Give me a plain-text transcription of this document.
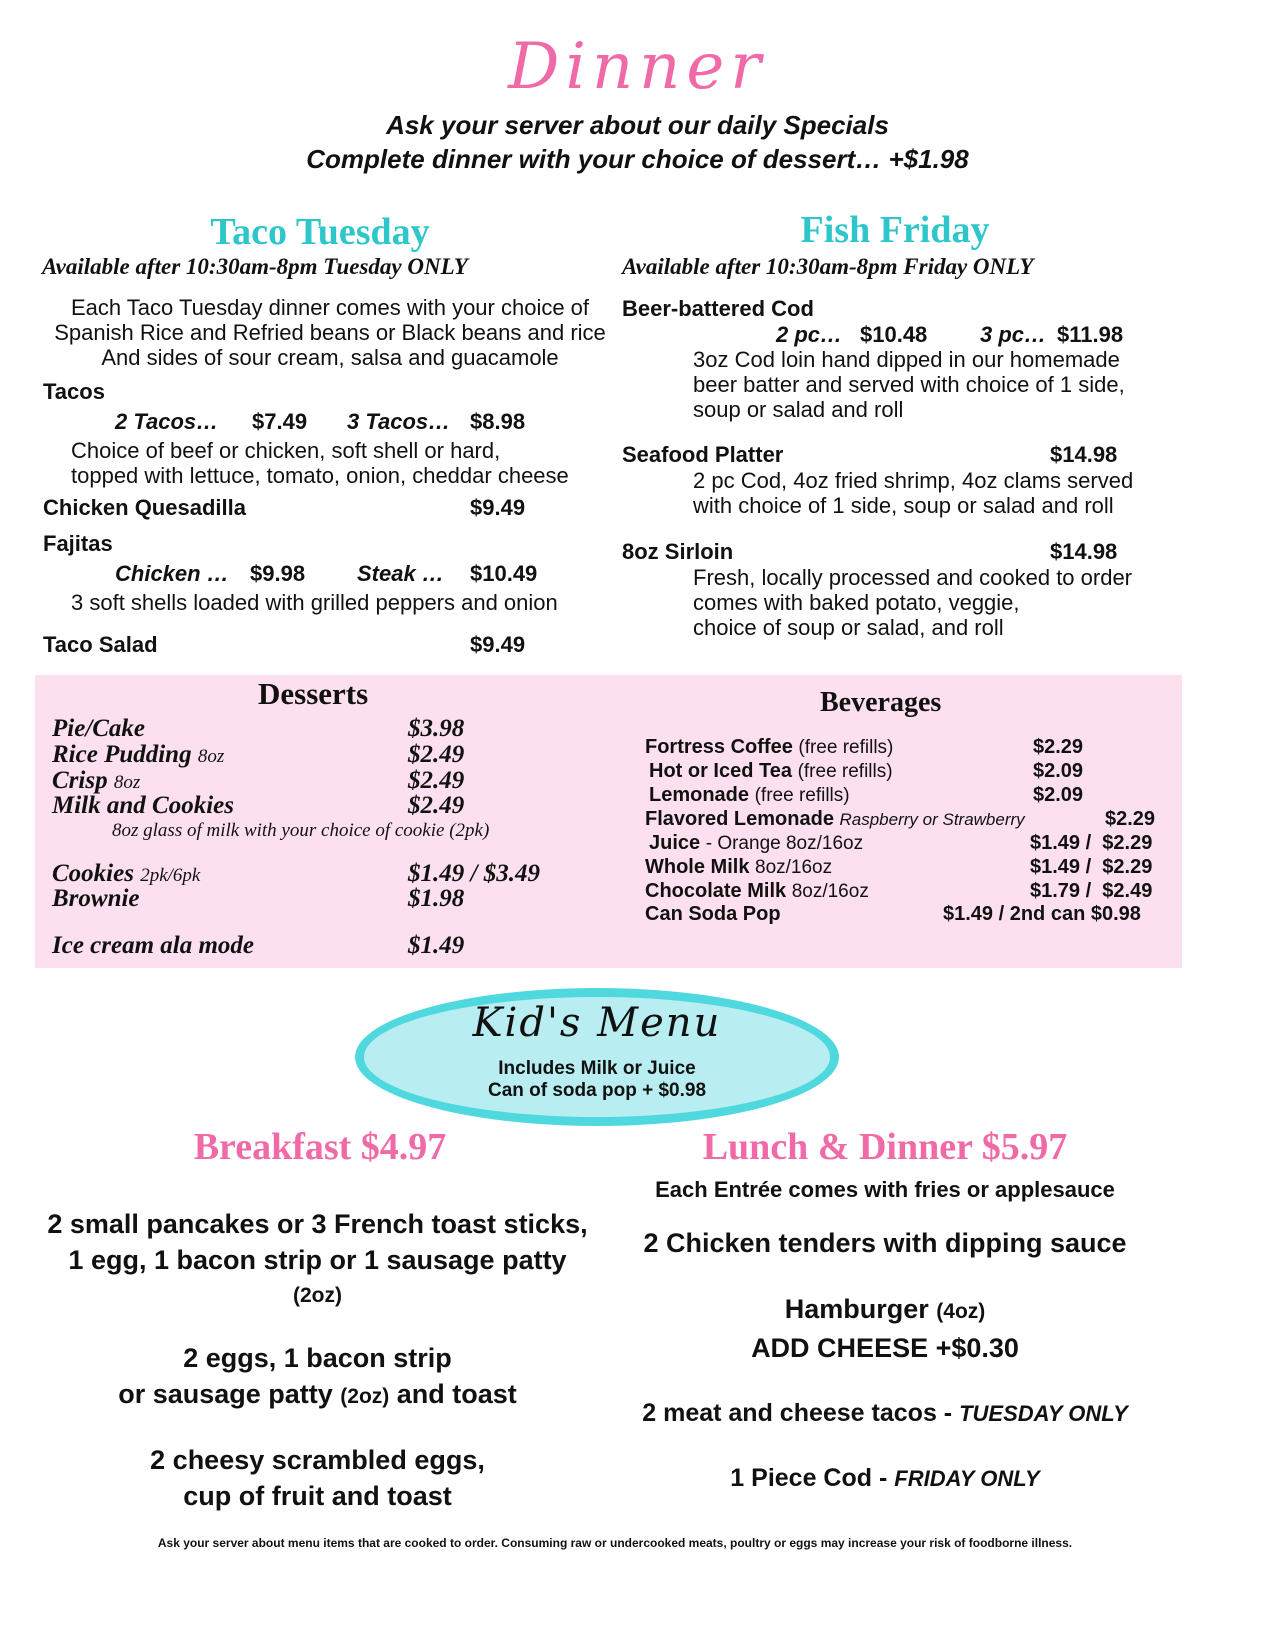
Dinner
Ask your server about our daily Specials
Complete dinner with your choice of dessert… +$1.98
Taco Tuesday
Available after 10:30am-8pm Tuesday ONLY
Each Taco Tuesday dinner comes with your choice of
Spanish Rice and Refried beans or Black beans and rice
And sides of sour cream, salsa and guacamole
Tacos
2 Tacos… $7.49 3 Tacos… $8.98
Choice of beef or chicken, soft shell or hard,
topped with lettuce, tomato, onion, cheddar cheese
Chicken Quesadilla	$9.49
Fajitas
Chicken … $9.98 Steak … $10.49
3 soft shells loaded with grilled peppers and onion
Taco Salad	$9.49
Fish Friday
Available after 10:30am-8pm Friday ONLY
Beer-battered Cod
2 pc… $10.48 3 pc… $11.98
3oz Cod loin hand dipped in our homemade
beer batter and served with choice of 1 side,
soup or salad and roll
Seafood Platter	$14.98
2 pc Cod, 4oz fried shrimp, 4oz clams served
with choice of 1 side, soup or salad and roll
8oz Sirloin	$14.98
Fresh, locally processed and cooked to order
comes with baked potato, veggie,
choice of soup or salad, and roll
Desserts
Pie/Cake	$3.98
Rice Pudding 8oz	$2.49
Crisp 8oz	$2.49
Milk and Cookies	$2.49
8oz glass of milk with your choice of cookie (2pk)
Cookies 2pk/6pk	$1.49 / $3.49
Brownie	$1.98
Ice cream ala mode	$1.49
Beverages
Fortress Coffee (free refills)	$2.29
Hot or Iced Tea (free refills)	$2.09
Lemonade (free refills)	$2.09
Flavored Lemonade Raspberry or Strawberry	$2.29
Juice - Orange 8oz/16oz	$1.49 /  $2.29
Whole Milk 8oz/16oz	$1.49 /  $2.29
Chocolate Milk 8oz/16oz	$1.79 /  $2.49
Can Soda Pop	$1.49 / 2nd can $0.98
Kid's Menu
Includes Milk or Juice
Can of soda pop + $0.98
Breakfast $4.97
2 small pancakes or 3 French toast sticks,
1 egg, 1 bacon strip or 1 sausage patty
(2oz)
2 eggs, 1 bacon strip
or sausage patty (2oz) and toast
2 cheesy scrambled eggs,
cup of fruit and toast
Lunch & Dinner $5.97
Each Entrée comes with fries or applesauce
2 Chicken tenders with dipping sauce
Hamburger (4oz)
ADD CHEESE +$0.30
2 meat and cheese tacos - TUESDAY ONLY
1 Piece Cod - FRIDAY ONLY
Ask your server about menu items that are cooked to order. Consuming raw or undercooked meats, poultry or eggs may increase your risk of foodborne illness.
